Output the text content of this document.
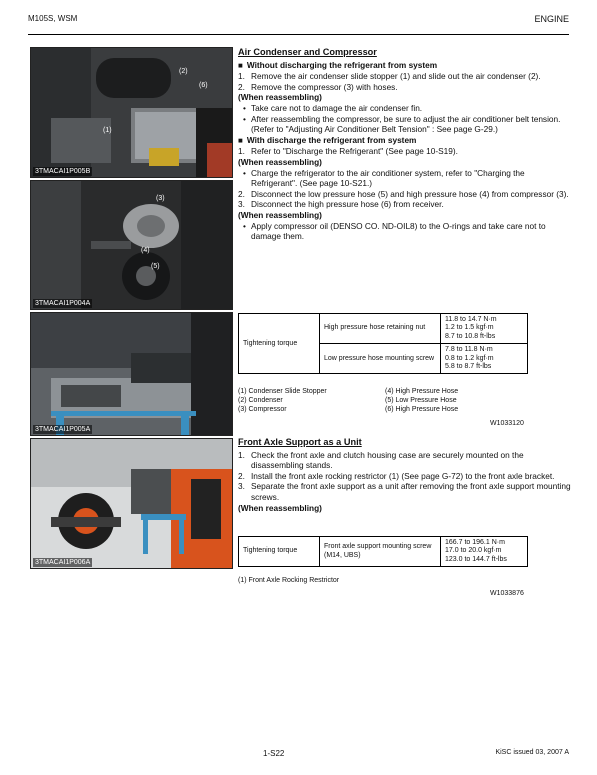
M105S, WSM	ENGINE
(2)
(6)
(1)
3TMACAI1P005B
(3)
(4)
(5)
3TMACAI1P004A
3TMACAI1P005A
3TMACAI1P006A
Air Condenser and Compressor
■ Without discharging the refrigerant from system
1. Remove the air condenser slide stopper (1) and slide out the air condenser (2).
2. Remove the compressor (3) with hoses.
(When reassembling)
• Take care not to damage the air condenser fin.
• After reassembling the compressor, be sure to adjust the air conditioner belt tension. (Refer to "Adjusting Air Conditioner Belt Tension" : See page G-29.)
■ With discharge the refrigerant from system
1. Refer to "Discharge the Refrigerant" (See page 10-S19).
(When reassembling)
• Charge the refrigerator to the air conditioner system, refer to "Charging the Refrigerant". (See page 10-S21.)
2. Disconnect the low pressure hose (5) and high pressure hose (4) from compressor (3).
3. Disconnect the high pressure hose (6) from receiver.
(When reassembling)
• Apply compressor oil (DENSO CO. ND-OIL8) to the O-rings and take care not to damage them.
Tightening torque	High pressure hose retaining nut	11.8 to 14.7 N·m
1.2 to 1.5 kgf·m
8.7 to 10.8 ft-lbs

	Low pressure hose mounting screw	7.8 to 11.8 N·m
0.8 to 1.2 kgf·m
5.8 to 8.7 ft-lbs
(1) Condenser Slide Stopper
(2) Condenser
(3) Compressor
(4) High Pressure Hose
(5) Low Pressure Hose
(6) High Pressure Hose
W1033120
Front Axle Support as a Unit
1. Check the front axle and clutch housing case are securely mounted on the disassembling stands.
2. Install the front axle rocking restrictor (1) (See page G-72) to the front axle bracket.
3. Separate the front axle support as a unit after removing the front axle support mounting screws.
(When reassembling)
Tightening torque	Front axle support mounting screw (M14, UBS)	
166.7 to 196.1 N·m
17.0 to 20.0 kgf·m
123.0 to 144.7 ft-lbs
(1) Front Axle Rocking Restrictor
W1033876
1-S22	KiSC issued 03, 2007 A
